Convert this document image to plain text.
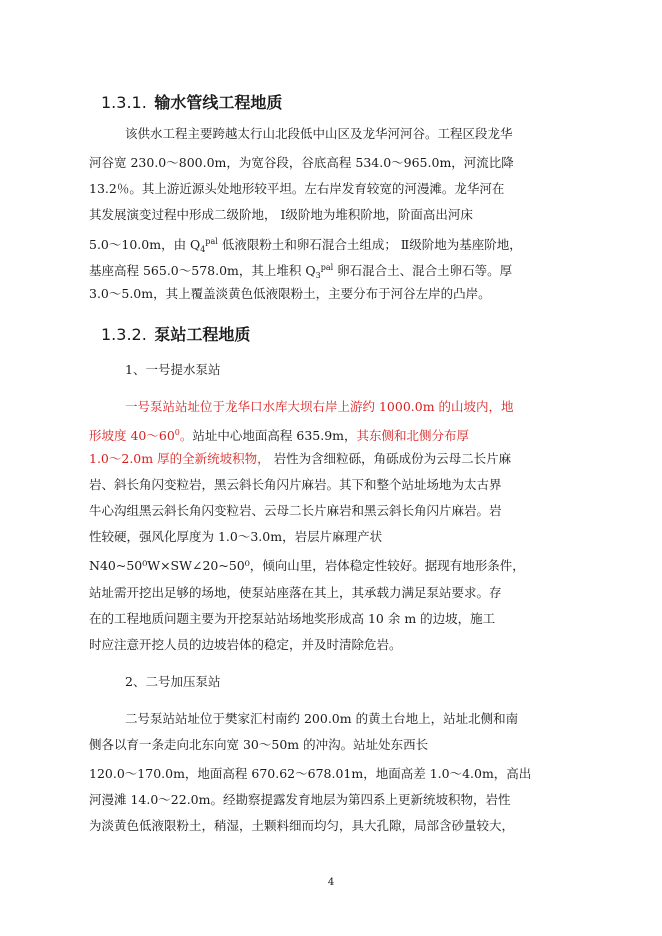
1.3.1. 输水管线工程地质
该供水工程主要跨越太行山北段低中山区及龙华河河谷。工程区段龙华
河谷宽 230.0～800.0m，为宽谷段，谷底高程 534.0～965.0m，河流比降
13.2％。其上游近源头处地形较平坦。左右岸发育较宽的河漫滩。龙华河在
其发展演变过程中形成二级阶地， Ⅰ级阶地为堆积阶地，阶面高出河床
5.0～10.0m，由 $Q_4^{pal}$ 低液限粉土和卵石混合土组成； Ⅱ级阶地为基座阶地，
基座高程 565.0～578.0m，其上堆积 $Q_3^{pal}$ 卵石混合土、混合土卵石等。厚
3.0～5.0m，其上覆盖淡黄色低液限粉土，主要分布于河谷左岸的凸岸。
1.3.2. 泵站工程地质
1、一号提水泵站
一号泵站站址位于龙华口水库大坝右岸上游约 1000.0m 的山坡内，地
形坡度 $40\sim 60^0$。站址中心地面高程 635.9m，其东侧和北侧分布厚
1.0～2.0m 厚的全新统坡积物， 岩性为含细粒砾，角砾成份为云母二长片麻
岩、斜长角闪变粒岩，黑云斜长角闪片麻岩。其下和整个站址场地为太古界
牛心沟组黑云斜长角闪变粒岩、云母二长片麻岩和黑云斜长角闪片麻岩。岩
性较硬，强风化厚度为 1.0～3.0m，岩层片麻理产状
N40~50⁰W×SW∠20~50⁰，倾向山里，岩体稳定性较好。据现有地形条件，
站址需开挖出足够的场地，使泵站座落在其上，其承载力满足泵站要求。存
在的工程地质问题主要为开挖泵站站场地奖形成高 10 余 m 的边坡，施工
时应注意开挖人员的边坡岩体的稳定，并及时清除危岩。
2、二号加压泵站
二号泵站站址位于樊家汇村南约 200.0m 的黄土台地上，站址北侧和南
侧各以育一条走向北东向宽 30～50m 的冲沟。站址处东西长
120.0～170.0m，地面高程 670.62～678.01m，地面高差 1.0～4.0m，高出
河漫滩 14.0～22.0m。经勘察提露发育地层为第四系上更新统坡积物，岩性
为淡黄色低液限粉土，稍湿，土颗料细而均匀，具大孔隙，局部含砂量较大，
4
